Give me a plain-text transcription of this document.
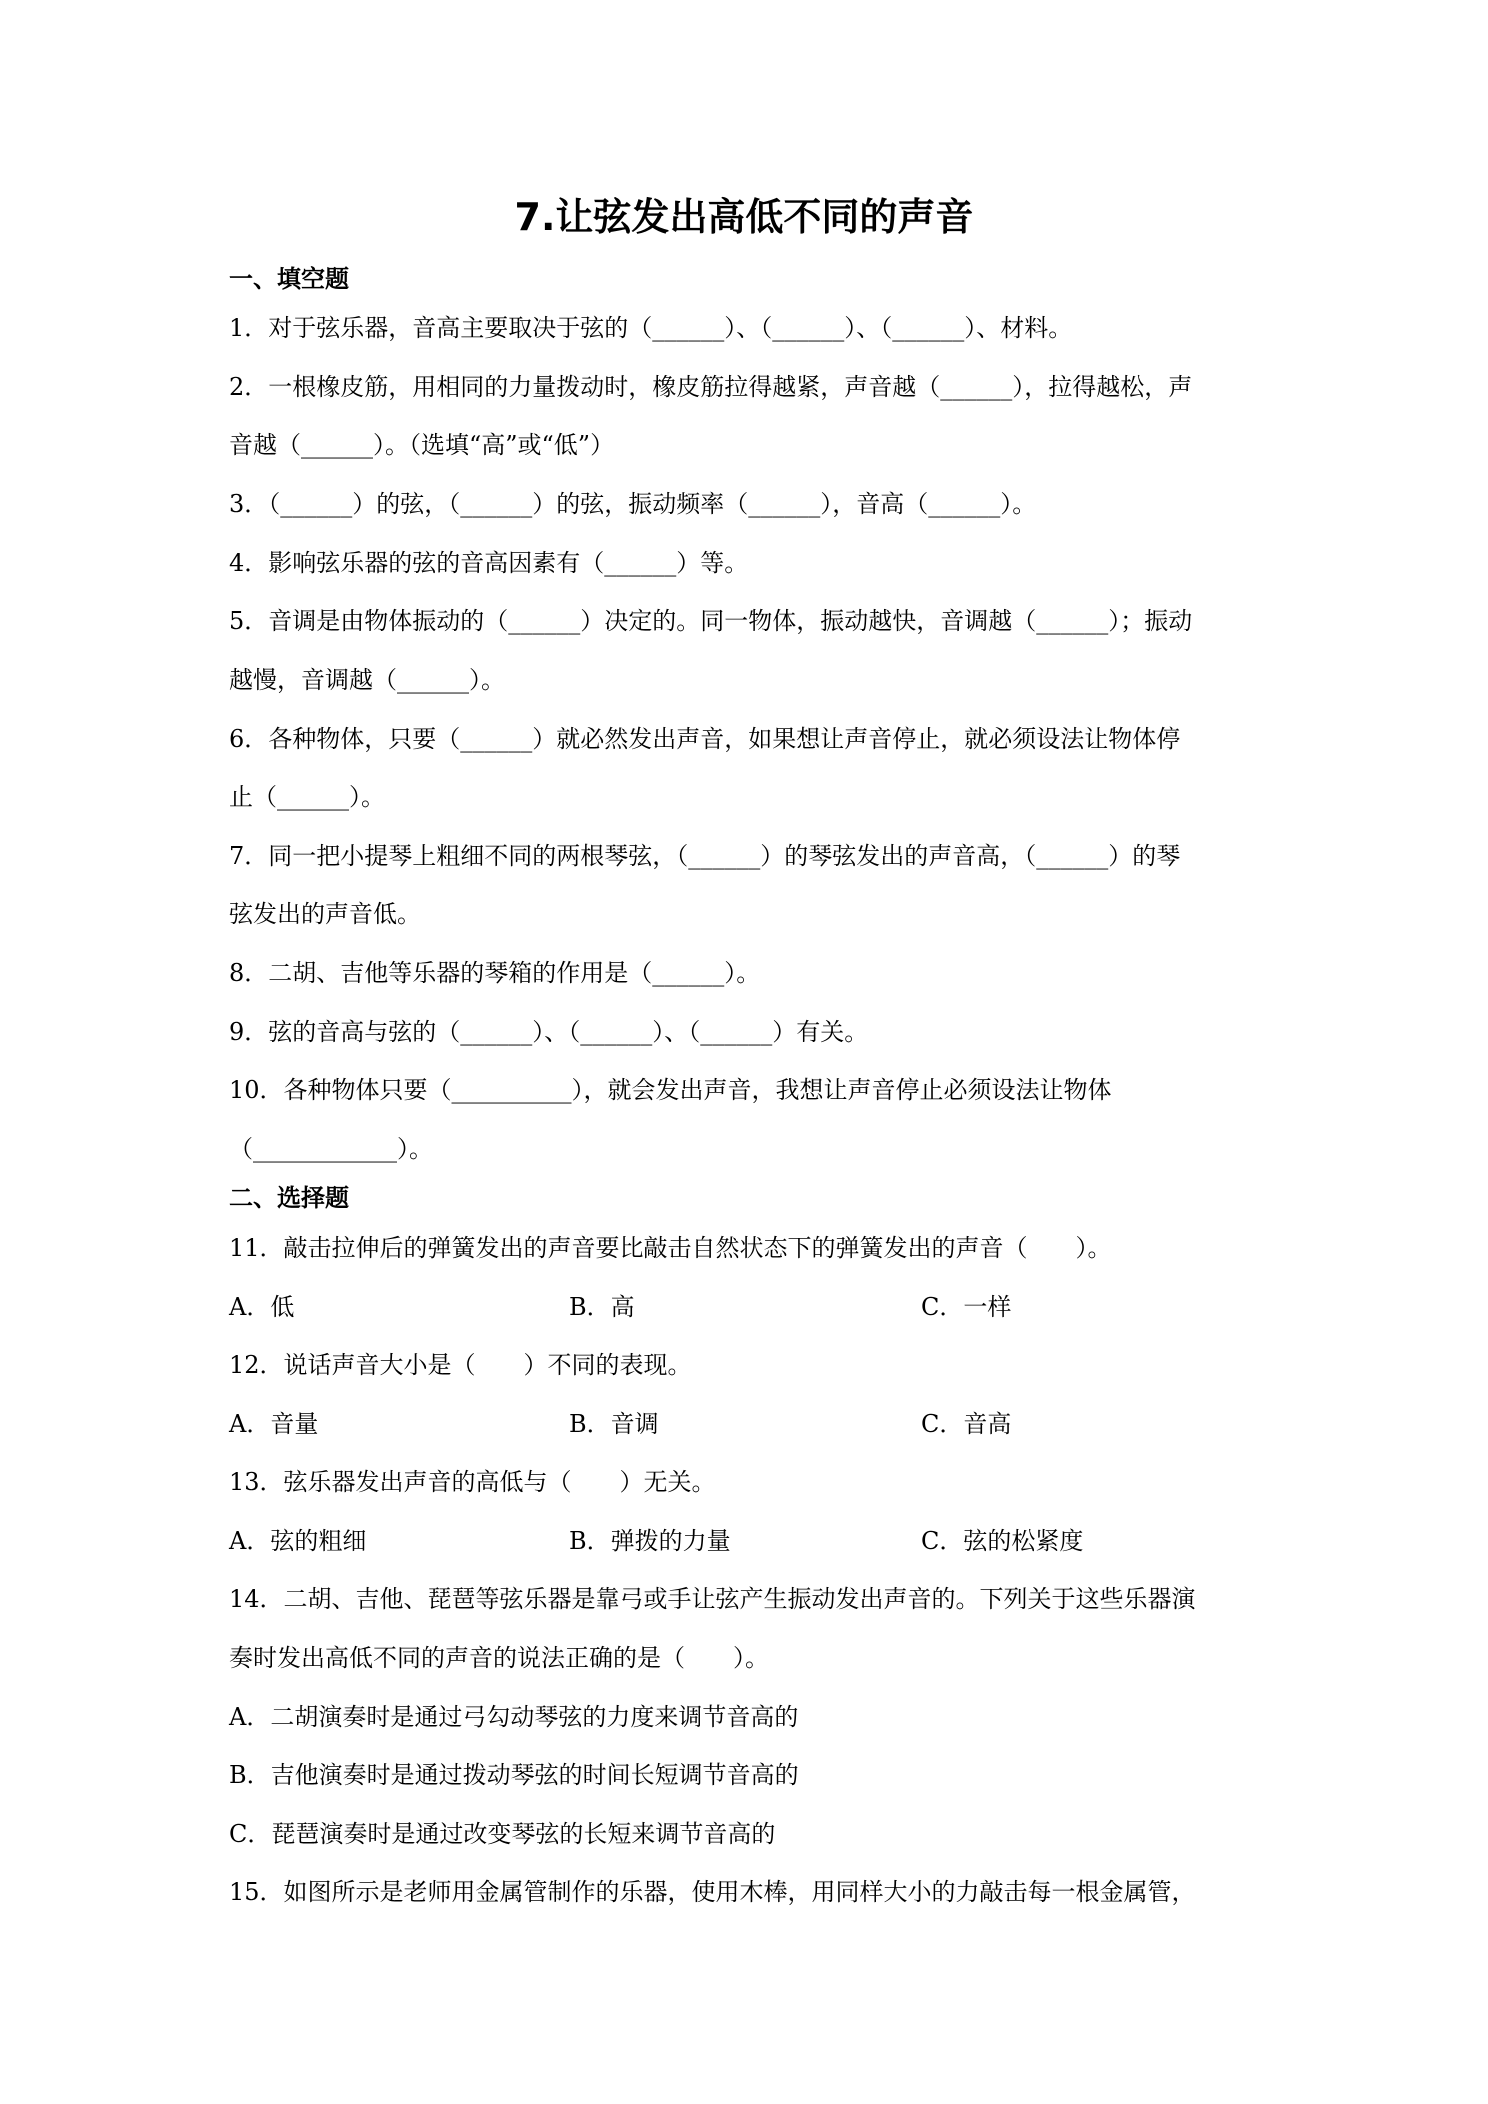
7.让弦发出高低不同的声音
一、填空题
1．对于弦乐器，音高主要取决于弦的（______）、（______）、（______）、材料。
2．一根橡皮筋，用相同的力量拨动时，橡皮筋拉得越紧，声音越（______），拉得越松，声
音越（______）。（选填“高”或“低”）
3．（______）的弦，（______）的弦，振动频率（______），音高（______）。
4．影响弦乐器的弦的音高因素有（______）等。
5．音调是由物体振动的（______）决定的。同一物体，振动越快，音调越（______）；振动
越慢，音调越（______）。
6．各种物体，只要（______）就必然发出声音，如果想让声音停止，就必须设法让物体停
止（______）。
7．同一把小提琴上粗细不同的两根琴弦，（______）的琴弦发出的声音高，（______）的琴
弦发出的声音低。
8．二胡、吉他等乐器的琴箱的作用是（______）。
9．弦的音高与弦的（______）、（______）、（______）有关。
10．各种物体只要（__________），就会发出声音，我想让声音停止必须设法让物体
（____________）。
二、选择题
11．敲击拉伸后的弹簧发出的声音要比敲击自然状态下的弹簧发出的声音（　　）。
A．低	B．高	C．一样
12．说话声音大小是（　　）不同的表现。
A．音量	B．音调	C．音高
13．弦乐器发出声音的高低与（　　）无关。
A．弦的粗细	B．弹拨的力量	C．弦的松紧度
14．二胡、吉他、琵琶等弦乐器是靠弓或手让弦产生振动发出声音的。下列关于这些乐器演
奏时发出高低不同的声音的说法正确的是（　　）。
A．二胡演奏时是通过弓勾动琴弦的力度来调节音高的
B．吉他演奏时是通过拨动琴弦的时间长短调节音高的
C．琵琶演奏时是通过改变琴弦的长短来调节音高的
15．如图所示是老师用金属管制作的乐器，使用木棒，用同样大小的力敲击每一根金属管，
